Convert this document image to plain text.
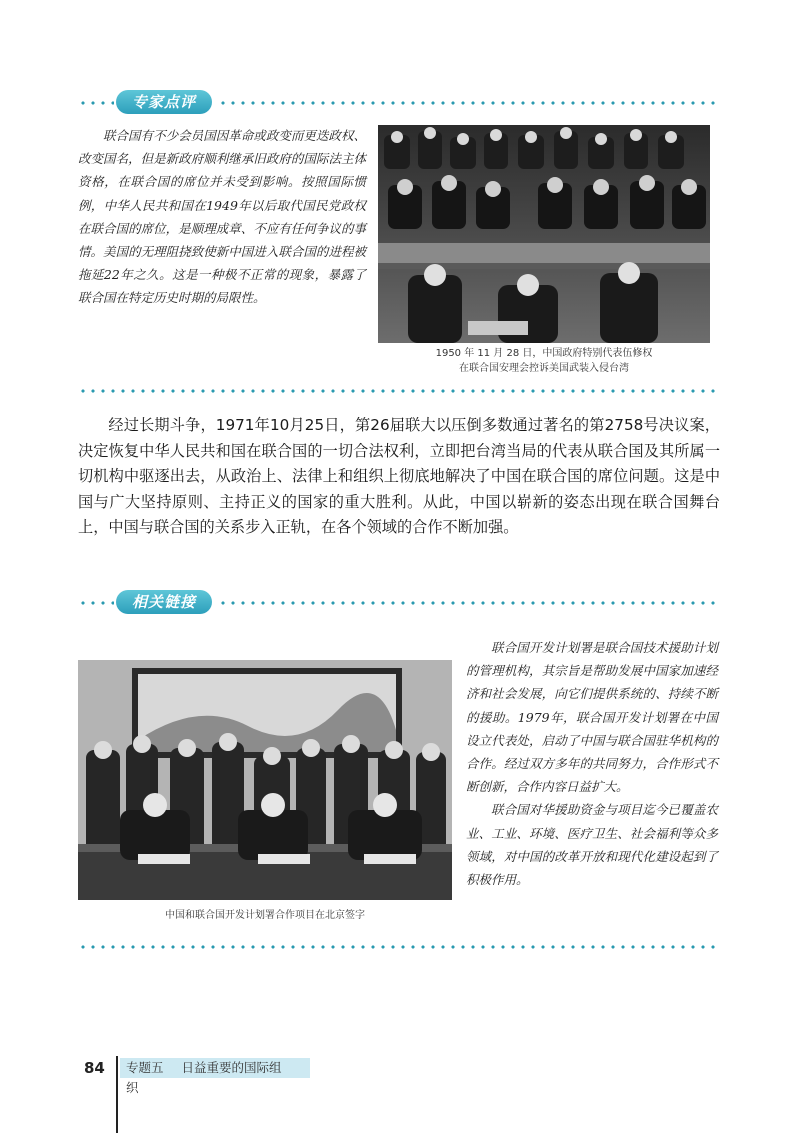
专家点评

联合国有不少会员国因革命或政变而更迭政权、改变国名，但是新政府顺利继承旧政府的国际法主体资格，在联合国的席位并未受到影响。按照国际惯例，中华人民共和国在1949年以后取代国民党政权在联合国的席位，是顺理成章、不应有任何争议的事情。美国的无理阻挠致使新中国进入联合国的进程被拖延22年之久。这是一种极不正常的现象，暴露了联合国在特定历史时期的局限性。

1950 年 11 月 28 日，中国政府特别代表伍修权
在联合国安理会控诉美国武装入侵台湾

经过长期斗争，1971年10月25日，第26届联大以压倒多数通过著名的第2758号决议案，决定恢复中华人民共和国在联合国的一切合法权利，立即把台湾当局的代表从联合国及其所属一切机构中驱逐出去，从政治上、法律上和组织上彻底地解决了中国在联合国的席位问题。这是中国与广大坚持原则、主持正义的国家的重大胜利。从此，中国以崭新的姿态出现在联合国舞台上，中国与联合国的关系步入正轨，在各个领域的合作不断加强。

相关链接
中国和联合国开发计划署合作项目在北京签字

联合国开发计划署是联合国技术援助计划的管理机构，其宗旨是帮助发展中国家加速经济和社会发展，向它们提供系统的、持续不断的援助。1979年，联合国开发计划署在中国设立代表处，启动了中国与联合国驻华机构的合作。经过双方多年的共同努力，合作形式不断创新，合作内容日益扩大。

联合国对华援助资金与项目迄今已覆盖农业、工业、环境、医疗卫生、社会福利等众多领域，对中国的改革开放和现代化建设起到了积极作用。

84	专题五 日益重要的国际组织
